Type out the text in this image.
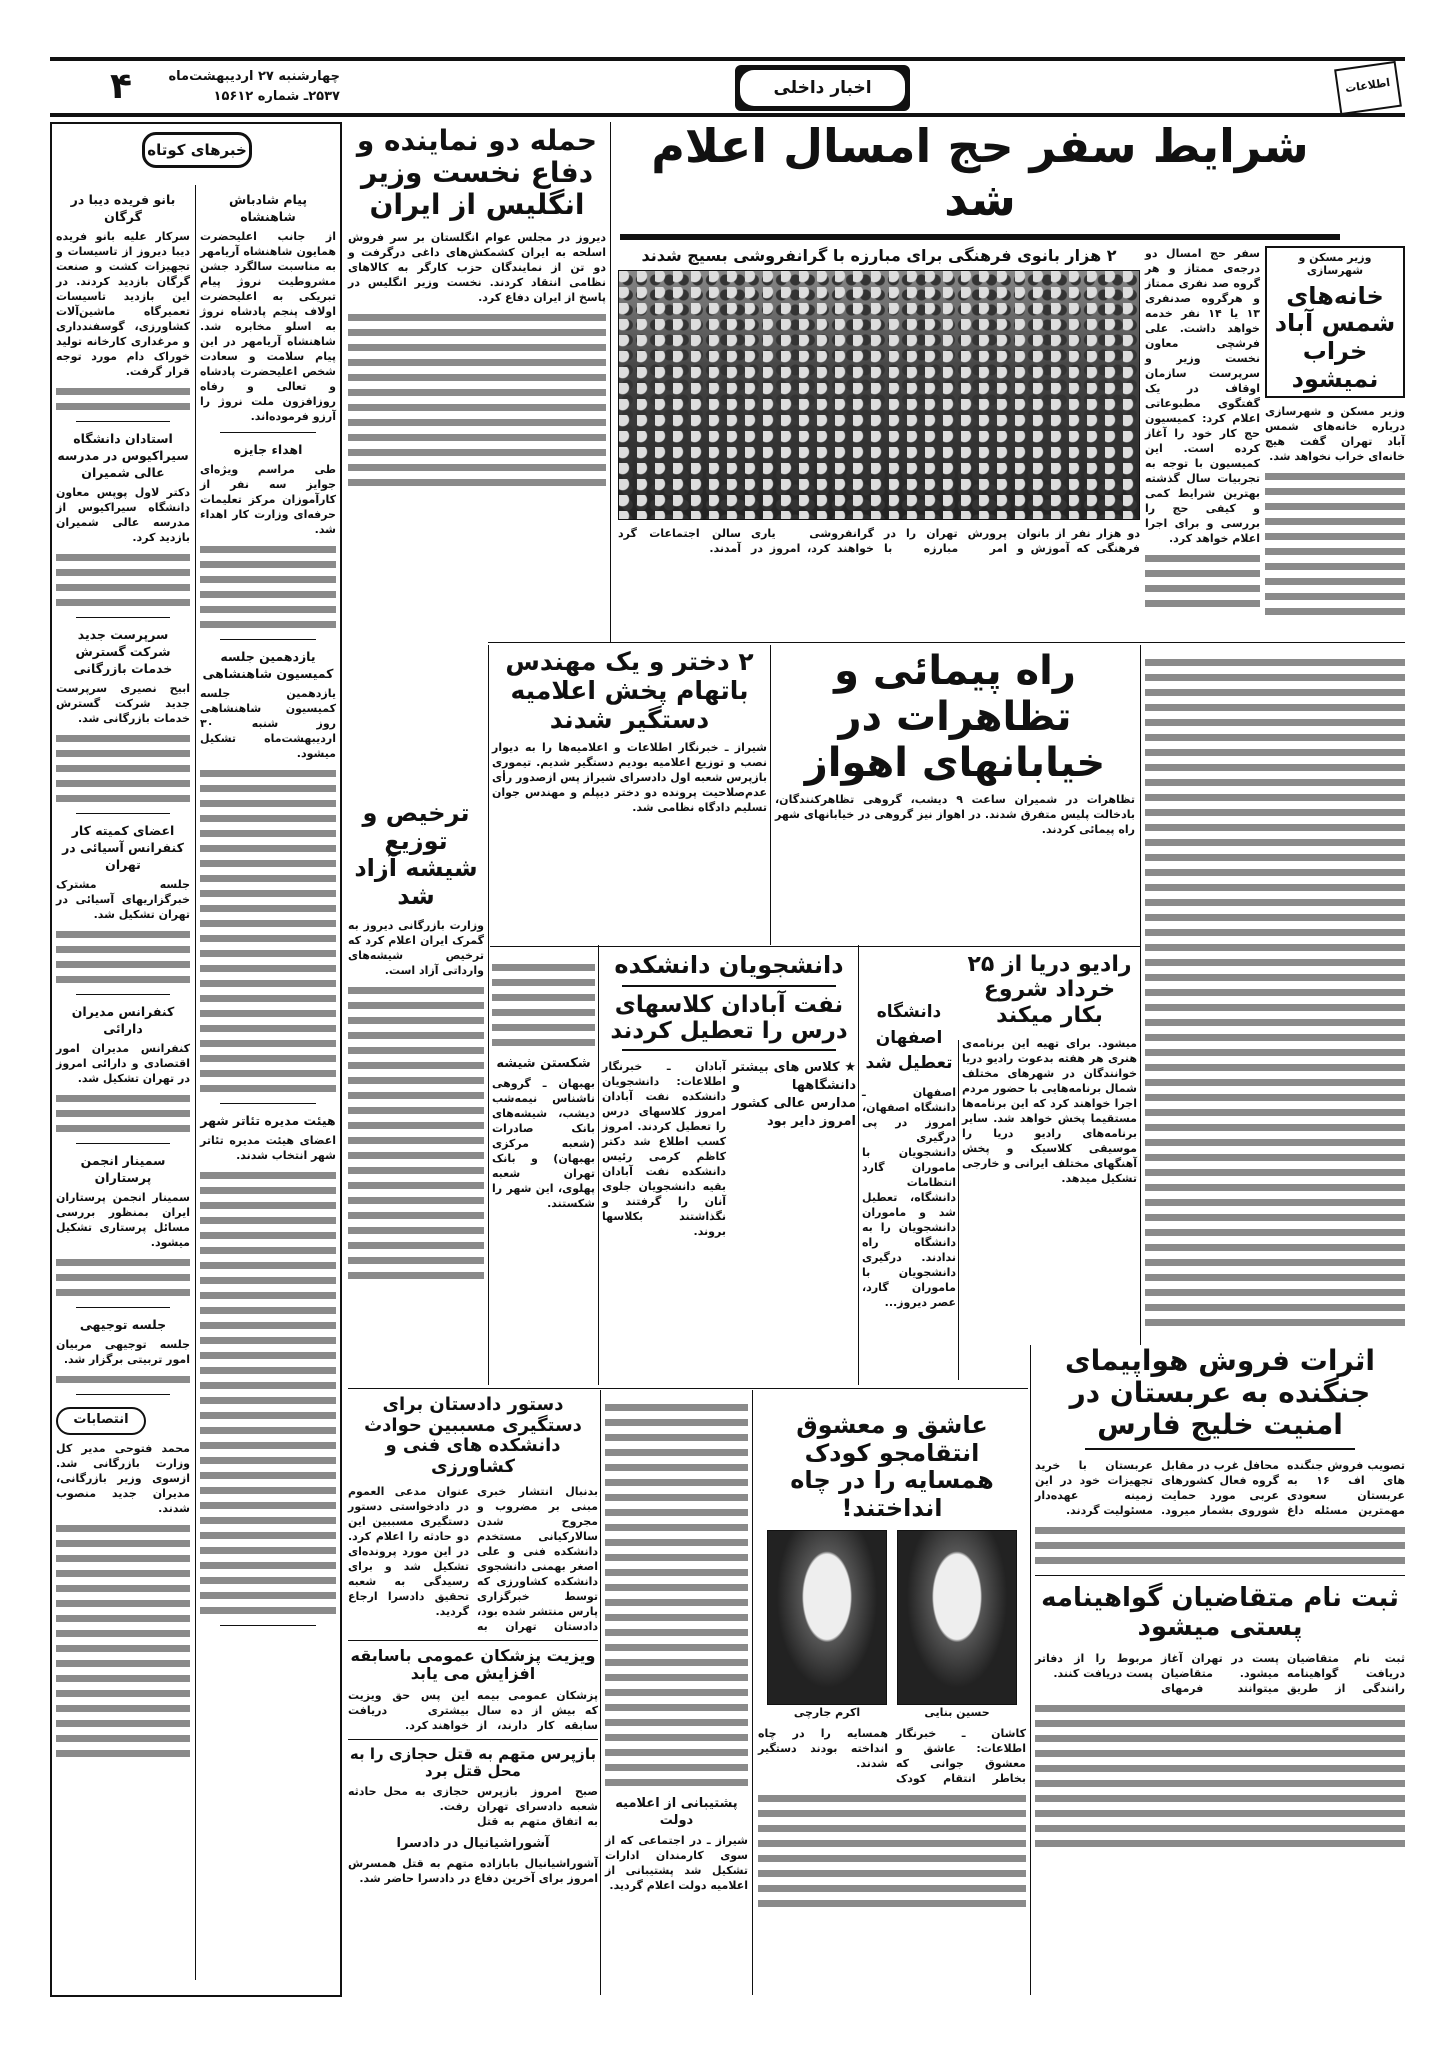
۴	چهارشنبه ۲۷ اردیبهشت‌ماه ۲۵۳۷ـ شماره ۱۵۶۱۲	اخبار داخلی	اطلاعات
خبرهای کوتاه
پیام شادباش شاهنشاه
از جانب اعلیحضرت همایون شاهنشاه آریامهر به مناسبت سالگرد جشن مشروطیت نروژ پیام تبریکی به اعلیحضرت اولاف پنجم پادشاه نروژ به اسلو مخابره شد. شاهنشاه آریامهر در این پیام سلامت و سعادت شخص اعلیحضرت پادشاه و تعالی و رفاه روزافزون ملت نروژ را آرزو فرموده‌اند.
اهداء جایزه
طی مراسم ویژه‌ای جوایز سه نفر از کارآموزان مرکز تعلیمات حرفه‌ای وزارت کار اهداء شد.
یازدهمین جلسه کمیسیون شاهنشاهی
یازدهمین جلسه کمیسیون شاهنشاهی روز شنبه ۳۰ اردیبهشت‌ماه تشکیل میشود.
هیئت مدیره تئاتر شهر
اعضای هیئت مدیره تئاتر شهر انتخاب شدند.
بانو فریده دیبا در گرگان
سرکار علیه بانو فریده دیبا دیروز از تاسیسات و تجهیزات کشت و صنعت گرگان بازدید کردند. در این بازدید تاسیسات تعمیرگاه ماشین‌آلات کشاورزی، گوسفندداری و مرغداری کارخانه تولید خوراک دام مورد توجه قرار گرفت.
استادان دانشگاه سیراکیوس در مدرسه عالی شمیران
دکتر لاول پوپس معاون دانشگاه سیراکیوس از مدرسه عالی شمیران بازدید کرد.
سرپرست جدید شرکت گسترش خدمات بازرگانی
ابیح نصیری سرپرست جدید شرکت گسترش خدمات بازرگانی شد.
اعضای کمیته کار کنفرانس آسیائی در تهران
جلسه مشترک خبرگزاریهای آسیائی در تهران تشکیل شد.
کنفرانس مدیران دارائی
کنفرانس مدیران امور اقتصادی و دارائی امروز در تهران تشکیل شد.
سمینار انجمن پرستاران
سمینار انجمن پرستاران ایران بمنظور بررسی مسائل پرستاری تشکیل میشود.
جلسه توجیهی
جلسه توجیهی مربیان امور تربیتی برگزار شد.
انتصابات
محمد فتوحی مدیر کل وزارت بازرگانی شد. ازسوی وزیر بازرگانی، مدیران جدید منصوب شدند.
حمله دو نماینده و دفاع نخست وزیر انگلیس از ایران
دیروز در مجلس عوام انگلستان بر سر فروش اسلحه به ایران کشمکش‌های داغی درگرفت و دو تن از نمایندگان حزب کارگر به کالاهای نظامی انتقاد کردند. نخست وزیر انگلیس در پاسخ از ایران دفاع کرد.
شرایط سفر حج امسال اعلام شد
وزیر مسکن و شهرسازی
خانه‌های شمس آباد خراب نمیشود
وزیر مسکن و شهرسازی درباره خانه‌های شمس آباد تهران گفت هیچ خانه‌ای خراب نخواهد شد.
سفر حج امسال دو درجه‌ی ممتاز و هر گروه صد نفری ممتاز و هرگروه صدنفری ۱۳ یا ۱۴ نفر خدمه خواهد داشت. علی فرشچی معاون نخست وزیر و سرپرست سازمان اوقاف در یک گفتگوی مطبوعاتی اعلام کرد: کمیسیون حج کار خود را آغاز کرده است. این کمیسیون با توجه به تجربیات سال گذشته بهترین شرایط کمی و کیفی حج را بررسی و برای اجرا اعلام خواهد کرد.
۲ هزار بانوی فرهنگی برای مبارزه با گرانفروشی بسیج شدند
دو هزار نفر از بانوان فرهنگی که آموزش و پرورش تهران را در امر مبارزه با گرانفروشی یاری خواهند کرد، امروز در سالن اجتماعات گرد آمدند.
۲ دختر و یک مهندس باتهام پخش اعلامیه دستگیر شدند
شیراز ـ خبرنگار اطلاعات و اعلامیه‌ها را به دیوار نصب و توزیع اعلامیه بودیم دستگیر شدیم. تیموری بازپرس شعبه اول دادسرای شیراز پس ازصدور رأی عدم‌صلاحیت پرونده دو دختر دیپلم و مهندس جوان تسلیم دادگاه نظامی شد.
شکستن شیشه
بهبهان ـ گروهی ناشناس نیمه‌شب دیشب، شیشه‌های بانک صادرات (شعبه مرکزی بهبهان) و بانک تهران شعبه پهلوی، این شهر را شکستند.
راه پیمائی و تظاهرات در خیابانهای اهواز
تظاهرات در شمیران ساعت ۹ دیشب، گروهی تظاهرکنندگان، بادخالت پلیس متفرق شدند. در اهواز نیز گروهی در خیابانهای شهر راه پیمائی کردند.
ترخیص و توزیع شیشه آزاد شد
وزارت بازرگانی دیروز به گمرک ایران اعلام کرد که ترخیص شیشه‌های وارداتی آزاد است.	دانشجویان دانشکده
نفت آبادان کلاسهای درس را تعطیل کردند
★ کلاس های بیشتر دانشگاهها و مدارس عالی کشور امروز دایر بود
آبادان ـ خبرنگار اطلاعات: دانشجویان دانشکده نفت آبادان امروز کلاسهای درس را تعطیل کردند. امروز کسب اطلاع شد دکتر کاظم کرمی رئیس دانشکده نفت آبادان بقیه دانشجویان جلوی آنان را گرفتند و نگذاشتند بکلاسها بروند.
دانشگاه اصفهان تعطیل شد
اصفهان ـ دانشگاه اصفهان، امروز در پی درگیری دانشجویان با ماموران گارد انتظامات دانشگاه، تعطیل شد و ماموران دانشجویان را به دانشگاه راه ندادند. درگیری دانشجویان با ماموران گارد، عصر دیروز...
رادیو دریا از ۲۵ خرداد شروع بکار میکند
میشود. برای تهیه این برنامه‌ی هنری هر هفته بدعوت رادیو دریا خوانندگان در شهرهای مختلف شمال برنامه‌هایی با حضور مردم اجرا خواهند کرد که این برنامه‌ها مستقیما پخش خواهد شد. سایر برنامه‌های رادیو دریا را موسیقی کلاسیک و پخش آهنگهای مختلف ایرانی و خارجی تشکیل میدهد.
اثرات فروش هواپیمای جنگنده به عربستان در امنیت خلیج فارس
تصویب فروش جنگنده های اف ۱۶ به عربستان سعودی مهمترین مسئله داغ محافل غرب در مقابل گروه فعال کشورهای عربی مورد حمایت شوروی بشمار میرود. عربستان با خرید تجهیزات خود در این زمینه عهده‌دار مسئولیت گردند.
ثبت نام متقاضیان گواهینامه پستی میشود
ثبت نام متقاضیان دریافت گواهینامه رانندگی از طریق پست در تهران آغاز میشود. متقاضیان میتوانند فرمهای مربوط را از دفاتر پست دریافت کنند.
عاشق و معشوق انتقامجو کودک همسایه را در چاه انداختند!
حسین بنایی
اکرم جارچی
کاشان ـ خبرنگار اطلاعات: عاشق و معشوق جوانی که بخاطر انتقام کودک همسایه را در چاه انداخته بودند دستگیر شدند.
دستور دادستان برای دستگیری مسببین حوادث دانشکده های فنی و کشاورزی
بدنبال انتشار خبری مبنی بر مضروب و مجروح شدن سالارکیانی مستخدم دانشکده فنی و علی اصغر بهمنی دانشجوی دانشکده کشاورزی که توسط خبرگزاری پارس منتشر شده بود، دادستان تهران به عنوان مدعی العموم در دادخواستی دستور دستگیری مسببین این دو حادثه را اعلام کرد. در این مورد پرونده‌ای تشکیل شد و برای رسیدگی به شعبه تحقیق دادسرا ارجاع گردید.
ویزیت پزشکان عمومی باسابقه افزایش می یابد
پزشکان عمومی بیمه که بیش از ده سال سابقه کار دارند، از این پس حق ویزیت بیشتری دریافت خواهند کرد.
بازپرس متهم به قتل حجازی را به محل قتل برد
صبح امروز بازپرس شعبه دادسرای تهران به اتفاق متهم به قتل حجازی به محل حادثه رفت.
آشوراشیانیال در دادسرا
آشوراشیانیال بابازاده متهم به قتل همسرش امروز برای آخرین دفاع در دادسرا حاضر شد.
پشتیبانی از اعلامیه دولت
شیراز ـ در اجتماعی که از سوی کارمندان ادارات تشکیل شد پشتیبانی از اعلامیه دولت اعلام گردید.
